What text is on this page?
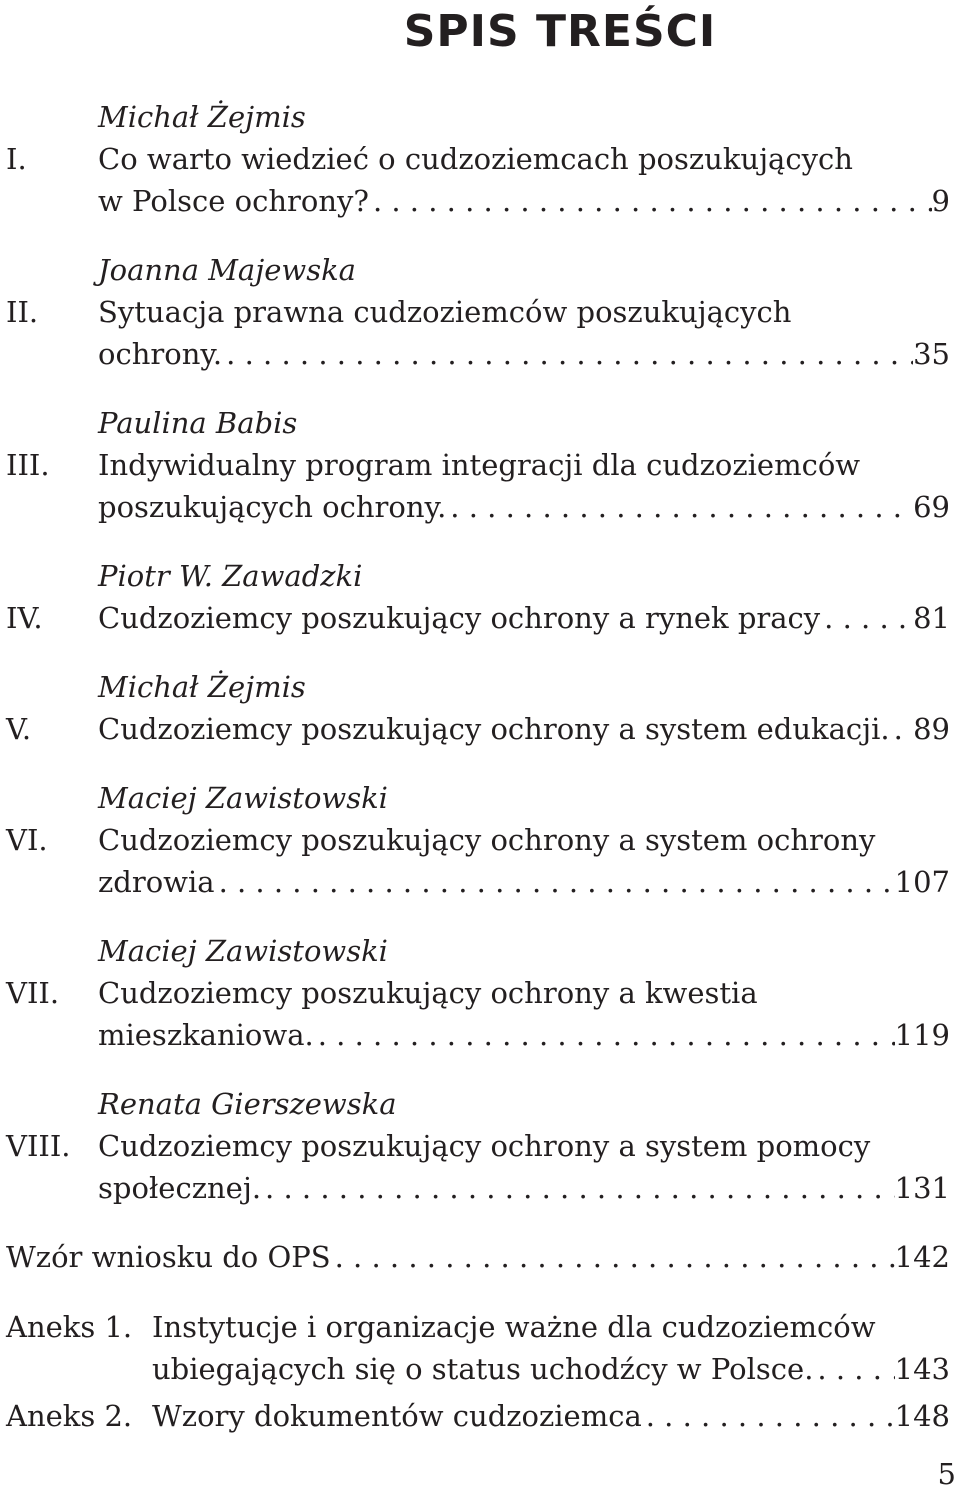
SPIS TREŚCI
Michał Żejmis
I. Co warto wiedzieć o cudzoziemcach poszukujących
w Polsce ochrony? . . .	9
Joanna Majewska
II. Sytuacja prawna cudzoziemców poszukujących
ochrony. . . .	35
Paulina Babis
III. Indywidualny program integracji dla cudzoziemców
poszukujących ochrony. . . .	69
Piotr W. Zawadzki
IV. Cudzoziemcy poszukujący ochrony a rynek pracy . . .	81
Michał Żejmis
V. Cudzoziemcy poszukujący ochrony a system edukacji. . . . 89
Maciej Zawistowski
VI. Cudzoziemcy poszukujący ochrony a system ochrony
zdrowia . . .	107
Maciej Zawistowski
VII. Cudzoziemcy poszukujący ochrony a kwestia
mieszkaniowa. . . .	119
Renata Gierszewska
VIII. Cudzoziemcy poszukujący ochrony a system pomocy
społecznej. . . .	131
Wzór wniosku do OPS . . .	142
Aneks 1. Instytucje i organizacje ważne dla cudzoziemców
ubiegających się o status uchodźcy w Polsce. . . .	143
Aneks 2. Wzory dokumentów cudzoziemca . . .	148
5
